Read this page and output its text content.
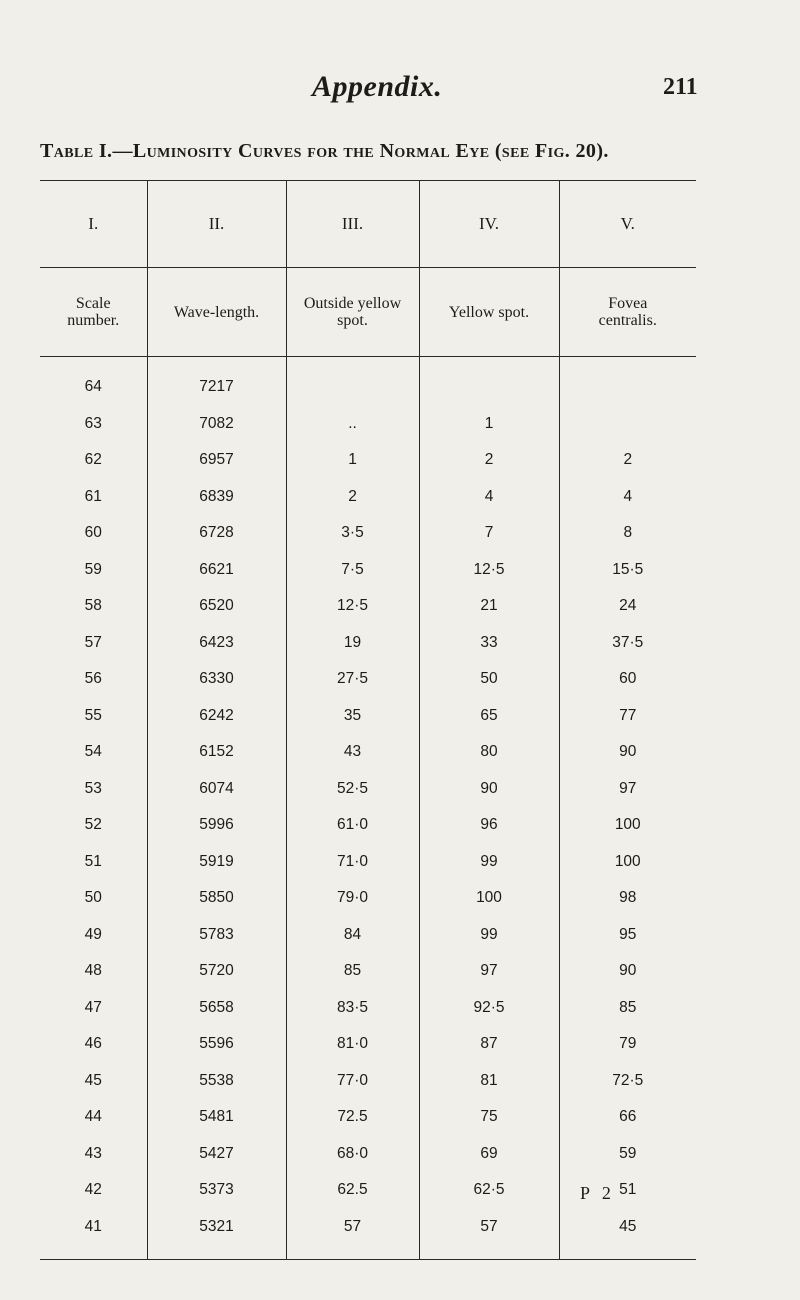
Appendix.	211
Table I.—Luminosity Curves for the Normal Eye (see Fig. 20).
I.	II.	III.	IV.	V.
Scale number.	Wave-length.	Outside yellow spot.	Yellow spot.	Fovea centralis.

64	7217			
63	7082	..	1	
62	6957	1	2	2
61	6839	2	4	4
60	6728	3·5	7	8
59	6621	7·5	12·5	15·5
58	6520	12·5	21	24
57	6423	19	33	37·5
56	6330	27·5	50	60
55	6242	35	65	77
54	6152	43	80	90
53	6074	52·5	90	97
52	5996	61·0	96	100
51	5919	71·0	99	100
50	5850	79·0	100	98
49	5783	84	99	95
48	5720	85	97	90
47	5658	83·5	92·5	85
46	5596	81·0	87	79
45	5538	77·0	81	72·5
44	5481	72.5	75	66
43	5427	68·0	69	59
42	5373	62.5	62·5	51
41	5321	57	57	45

P 2
